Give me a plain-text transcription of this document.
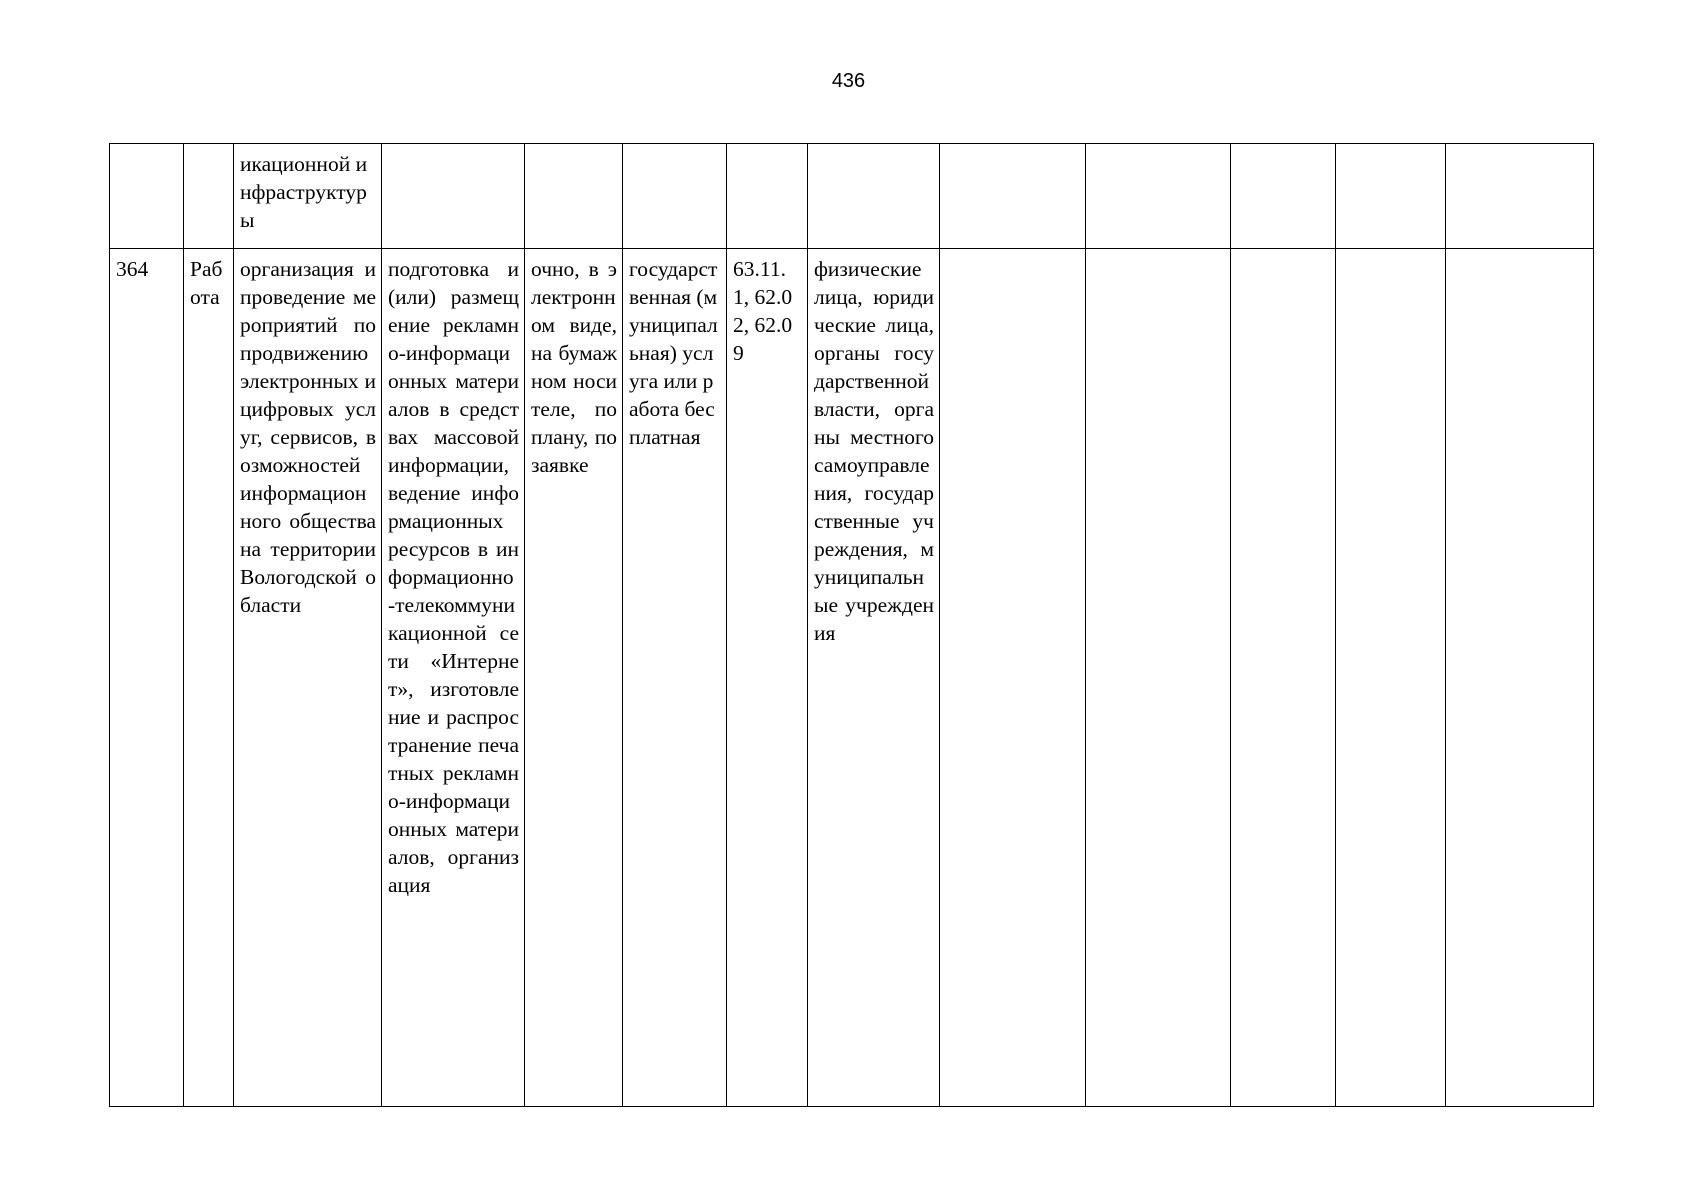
436
		икационной инфраструктуры										
364	Работа	организация и проведение мероприятий по продвижению электронных и цифровых услуг, сервисов, возможностей информационного общества на территории Вологодской области	подготовка и (или) размещение рекламно-информационных материалов в средствах массовой информации, ведение информационных ресурсов в информационно-телекоммуникационной сети «Интернет», изготовление и распространение печатных рекламно-информационных материалов, организация	очно, в электронном виде, на бумажном носителе, по плану, по заявке	государственная (муниципальная) услуга или работа бесплатная	63.11.1, 62.02, 62.09	физические лица, юридические лица, органы государственной власти, органы местного самоуправления, государственные учреждения, муниципальные учреждения					
